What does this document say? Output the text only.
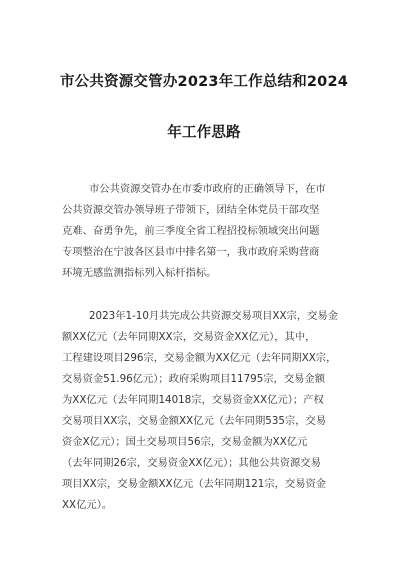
市公共资源交管办2023年工作总结和2024
年工作思路
市公共资源交管办在市委市政府的正确领导下，在市
公共资源交管办领导班子带领下，团结全体党员干部攻坚
克难、奋勇争先，前三季度全省工程招投标领域突出问题
专项整治在宁波各区县市中排名第一，我市政府采购营商
环境无感监测指标列入标杆指标。
2023年1-10月共完成公共资源交易项目XX宗，交易金
额XX亿元（去年同期XX宗，交易资金XX亿元），其中，
工程建设项目296宗，交易金额为XX亿元（去年同期XX宗，
交易资金51.96亿元）；政府采购项目11795宗，交易金额
为XX亿元（去年同期14018宗，交易资金XX亿元）；产权
交易项目XX宗，交易金额XX亿元（去年同期535宗，交易
资金X亿元）；国土交易项目56宗，交易金额为XX亿元
（去年同期26宗，交易资金XX亿元）；其他公共资源交易
项目XX宗，交易金额XX亿元（去年同期121宗，交易资金
XX亿元）。
